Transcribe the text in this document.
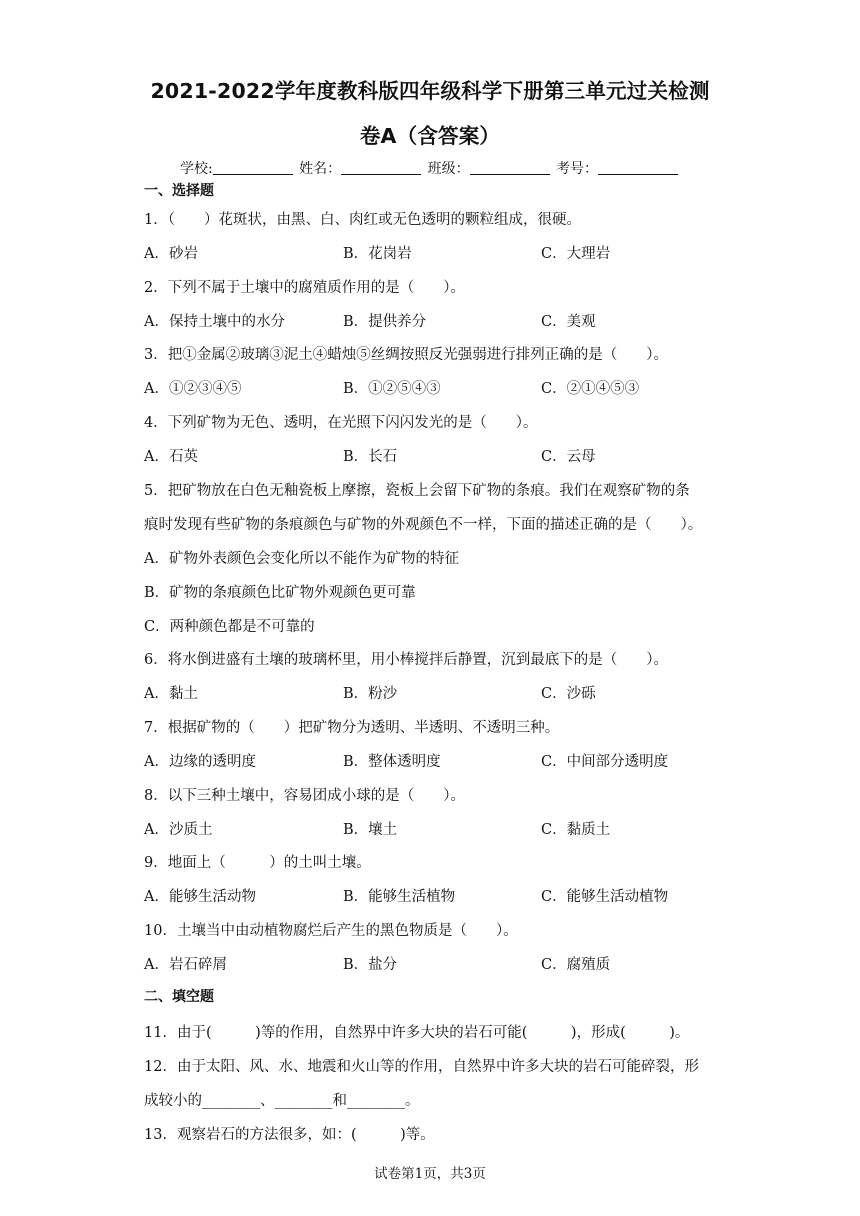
2021-2022学年度教科版四年级科学下册第三单元过关检测
卷A（含答案）
学校:	姓名：	班级：	考号：
一、选择题
1．（　　）花斑状，由黑、白、肉红或无色透明的颗粒组成，很硬。
A．砂岩	B．花岗岩	C．大理岩
2．下列不属于土壤中的腐殖质作用的是（　　）。
A．保持土壤中的水分	B．提供养分	C．美观
3．把①金属②玻璃③泥土④蜡烛⑤丝绸按照反光强弱进行排列正确的是（　　）。
A．①②③④⑤	B．①②⑤④③	C．②①④⑤③
4．下列矿物为无色、透明，在光照下闪闪发光的是（　　）。
A．石英	B．长石	C．云母
5．把矿物放在白色无釉瓷板上摩擦，瓷板上会留下矿物的条痕。我们在观察矿物的条
痕时发现有些矿物的条痕颜色与矿物的外观颜色不一样，下面的描述正确的是（　　）。
A．矿物外表颜色会变化所以不能作为矿物的特征
B．矿物的条痕颜色比矿物外观颜色更可靠
C．两种颜色都是不可靠的
6．将水倒进盛有土壤的玻璃杯里，用小棒搅拌后静置，沉到最底下的是（　　）。
A．黏土	B．粉沙	C．沙砾
7．根据矿物的（　　）把矿物分为透明、半透明、不透明三种。
A．边缘的透明度	B．整体透明度	C．中间部分透明度
8．以下三种土壤中，容易团成小球的是（　　）。
A．沙质土	B．壤土	C．黏质土
9．地面上（　　　）的土叫土壤。
A．能够生活动物	B．能够生活植物	C．能够生活动植物
10．土壤当中由动植物腐烂后产生的黑色物质是（　　）。
A．岩石碎屑	B．盐分	C．腐殖质
二、填空题
11．由于(　　　)等的作用，自然界中许多大块的岩石可能(　　　)，形成(　　　)。
12．由于太阳、风、水、地震和火山等的作用，自然界中许多大块的岩石可能碎裂，形
成较小的________、________和________。
13．观察岩石的方法很多，如：(　　　)等。
试卷第1页，共3页
